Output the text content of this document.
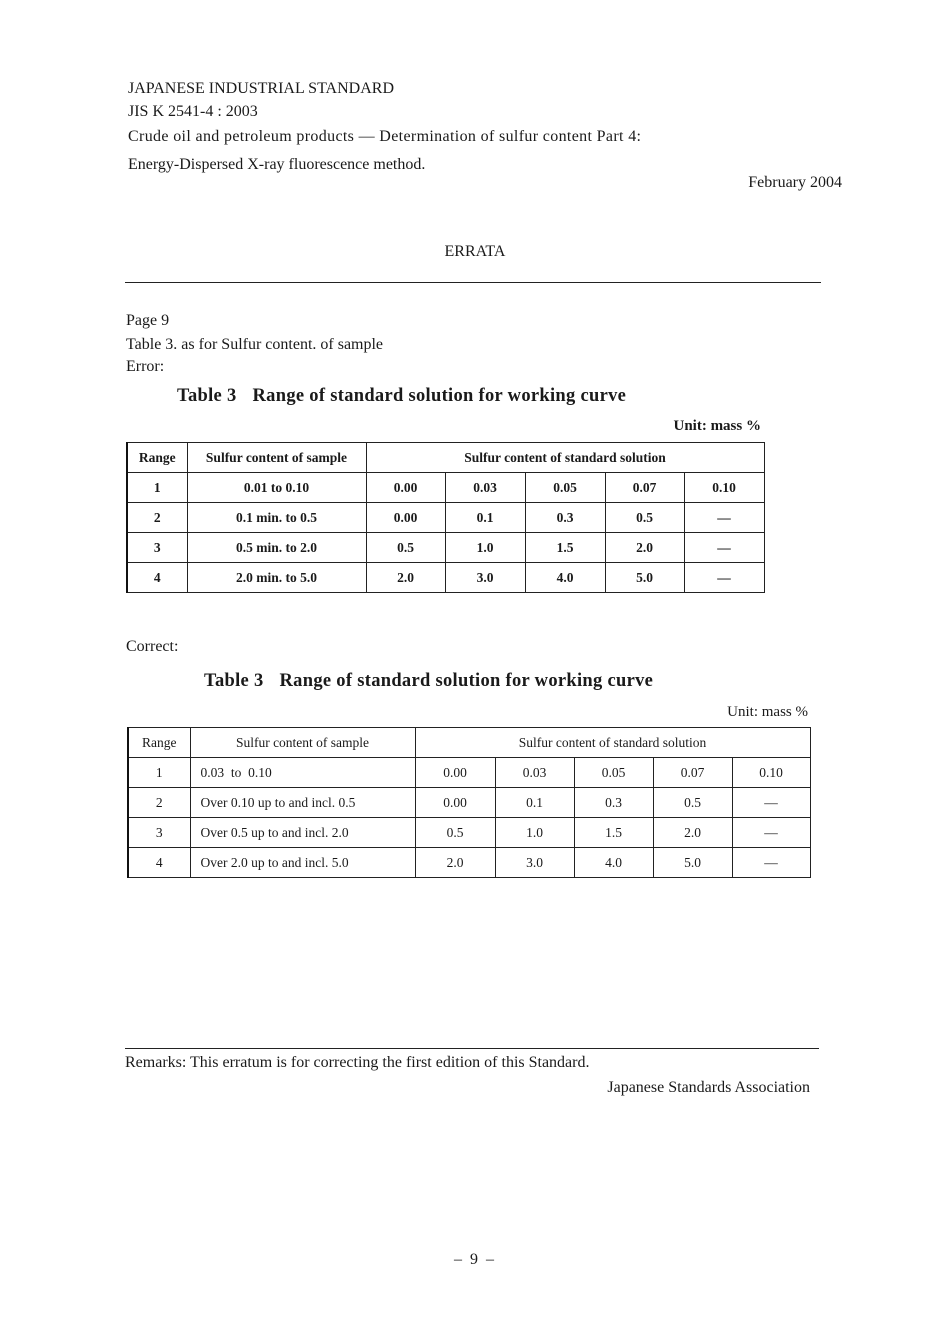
JAPANESE INDUSTRIAL STANDARD
JIS K 2541-4 : 2003
Crude oil and petroleum products — Determination of sulfur content Part 4:
Energy-Dispersed X-ray fluorescence method.
February 2004
ERRATA
Page 9
Table 3. as for Sulfur content. of sample
Error:
Table 3 Range of standard solution for working curve
Unit: mass %
Range	Sulfur content of sample	Sulfur content of standard solution				
1	0.01 to 0.10	0.00	0.03	0.05	0.07	0.10
2	0.1 min. to 0.5	0.00	0.1	0.3	0.5	—
3	0.5 min. to 2.0	0.5	1.0	1.5	2.0	—
4	2.0 min. to 5.0	2.0	3.0	4.0	5.0	—
Correct:
Table 3 Range of standard solution for working curve
Unit: mass %
Range	Sulfur content of sample	Sulfur content of standard solution				
1	0.03  to  0.10	0.00	0.03	0.05	0.07	0.10
2	Over 0.10 up to and incl. 0.5	0.00	0.1	0.3	0.5	—
3	Over 0.5 up to and incl. 2.0	0.5	1.0	1.5	2.0	—
4	Over 2.0 up to and incl. 5.0	2.0	3.0	4.0	5.0	—
Remarks: This erratum is for correcting the first edition of this Standard.
Japanese Standards Association
– 9 –
